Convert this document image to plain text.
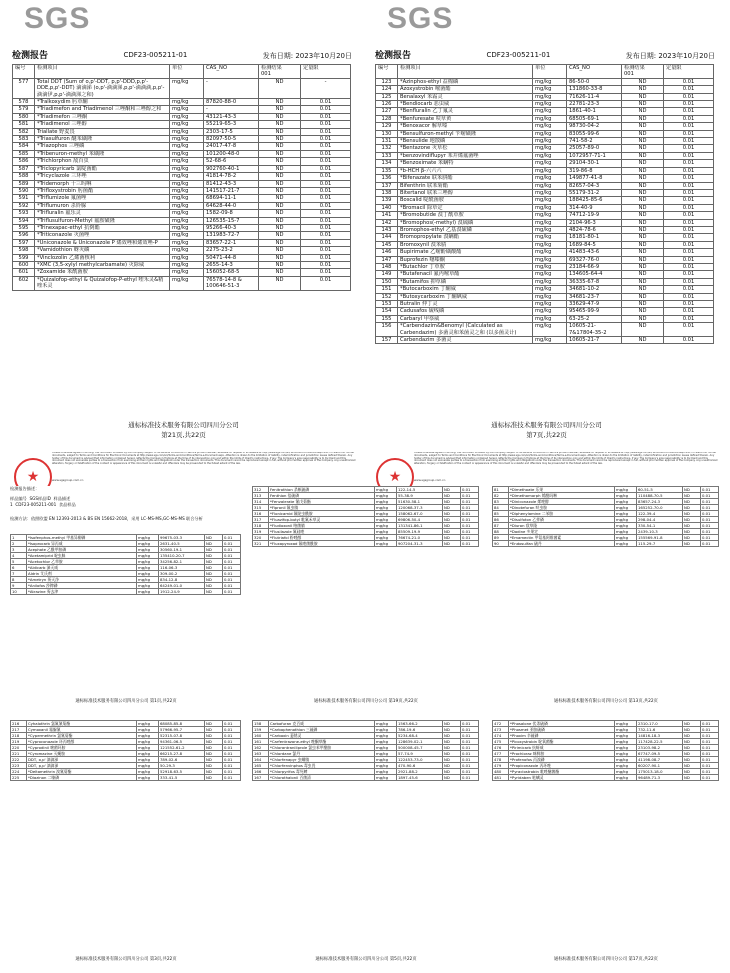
SGS
检测报告	CDF23-005211-01	发布日期: 2023年10月20日
编号	检测项目	单位	CAS_NO	检测结果
001	定量限
577	Total DDT (Sum of o,p'-DDT, p,p'-DDD,p,p'-DDE,p,p'-DDT) 滴滴涕 (o,p'-滴滴涕,p,p'-滴滴滴,p,p'-滴滴伊,p,p'-滴滴涕之和)	mg/kg	-	ND	-
578	*Tralkoxydim 肟草酮	mg/kg	87820-88-0	ND	0.01
579	*Triadimefon and Triadimenol 三唑酮和三唑醇之和	mg/kg	-	ND	0.01
580	*Triadimefon 三唑酮	mg/kg	43121-43-3	ND	0.01
581	*Triadimenol 三唑醇	mg/kg	55219-65-3	ND	0.01
582	Triallate 野麦畏	mg/kg	2303-17-5	ND	0.01
583	*Triasulfuron 醚苯磺隆	mg/kg	82097-50-5	ND	0.01
584	*Triazophos 三唑磷	mg/kg	24017-47-8	ND	0.01
585	*Tribenuron-methyl 苯磺隆	mg/kg	101200-48-0	ND	0.01
586	*Trichlorphon 敌百虫	mg/kg	52-68-6	ND	0.01
587	*Triclopyricarb 氯啶菌酯	mg/kg	902760-40-1	ND	0.01
588	*Tricyclazole 三环唑	mg/kg	41814-78-2	ND	0.01
589	*Tridemorph 十三吗啉	mg/kg	81412-43-3	ND	0.01
590	*Trifloxystrobin 肟菌酯	mg/kg	141517-21-7	ND	0.01
591	*Triflumizole 氟菌唑	mg/kg	68694-11-1	ND	0.01
592	*Triflumuron 杀铃脲	mg/kg	64628-44-0	ND	0.01
593	*Trifluralin 氟乐灵	mg/kg	1582-09-8	ND	0.01
594	*Triflusulfuron-Methyl 氟胺磺隆	mg/kg	126535-15-7	ND	0.01
595	*Trinexapac-ethyl 抗倒酯	mg/kg	95266-40-3	ND	0.01
596	*Triticonazole 灭菌唑	mg/kg	131983-72-7	ND	0.01
597	*Uniconazole & Uniconazole P 烯效唑和烯效唑-P	mg/kg	83657-22-1	ND	0.01
598	*Vamidothion 蚜灭磷	mg/kg	2275-23-2	ND	0.01
599	*Vinclozolin 乙烯菌核利	mg/kg	50471-44-8	ND	0.01
600	*XMC (3,5-xylyl methylcarbamate) 灭除威	mg/kg	2655-14-3	ND	0.01
601	*Zoxamide 苯酰菌胺	mg/kg	156052-68-5	ND	0.01
602	*Quizalofop-ethyl & Quizalofop-P-ethyl 喹禾灵&精喹禾灵	mg/kg	76578-14-8 & 100646-51-3	ND	0.01
通标标准技术服务有限公司四川分公司
第21页,共22页
SGS
检测报告	CDF23-005211-01	发布日期: 2023年10月20日
编号	检测项目	单位	CAS_NO	检测结果
001	定量限
123	*Azinphos-ethyl 益棉磷	mg/kg	86-50-0	ND	0.01
124	Azoxystrobin 嘧菌酯	mg/kg	131860-33-8	ND	0.01
125	Benalaxyl 苯霜灵	mg/kg	71626-11-4	ND	0.01
126	*Bendiocarb 恶虫威	mg/kg	22781-23-3	ND	0.01
127	*Benfluralin 乙丁氟灵	mg/kg	1861-40-1	ND	0.01
128	*Benfuresate 呋草黄	mg/kg	68505-69-1	ND	0.01
129	*Benoxacor 解草嗪	mg/kg	98730-04-2	ND	0.01
130	*Bensulfuron-methyl 苄嘧磺隆	mg/kg	83055-99-6	ND	0.01
131	*Bensulide 地散磷	mg/kg	741-58-2	ND	0.01
132	*Bentazone 灭草松	mg/kg	25057-89-0	ND	0.01
133	*benzovindiflupyr 苯并烯氟菌唑	mg/kg	1072957-71-1	ND	0.01
134	*Benzoximate 苯螨特	mg/kg	29104-30-1	ND	0.01
135	*b-HCH β-六六六	mg/kg	319-86-8	ND	0.01
136	*Bifenazate 联苯肼酯	mg/kg	149877-41-8	ND	0.01
137	Bifenthrin 联苯菊酯	mg/kg	82657-04-3	ND	0.01
138	Bitertanol 联苯三唑醇	mg/kg	55179-31-2	ND	0.01
139	Boscalid 啶酰菌胺	mg/kg	188425-85-6	ND	0.01
140	*Bromacil 除草定	mg/kg	314-40-9	ND	0.01
141	*Bromobutide 溴丁酰草胺	mg/kg	74712-19-9	ND	0.01
142	*Bromophos(-methyl) 溴硫磷	mg/kg	2104-96-3	ND	0.01
143	Bromophos-ethyl 乙基溴硫磷	mg/kg	4824-78-6	ND	0.01
144	Bromopropylate 溴螨酯	mg/kg	18181-80-1	ND	0.01
145	Bromoxynil 溴苯腈	mg/kg	1689-84-5	ND	0.01
146	Bupirimate 乙嘧酚磺酸酯	mg/kg	41483-43-6	ND	0.01
147	Buprofezin 噻嗪酮	mg/kg	69327-76-0	ND	0.01
148	*Butachlor 丁草胺	mg/kg	23184-66-9	ND	0.01
149	*Butafenacil 氟丙嘧草酯	mg/kg	134605-64-4	ND	0.01
150	*Butamifos 抑草磷	mg/kg	36335-67-8	ND	0.01
151	*Butocarboxim 丁酮威	mg/kg	34681-10-2	ND	0.01
152	*Butoxycarboxim 丁酮砜威	mg/kg	34681-23-7	ND	0.01
153	Butralin 仲丁灵	mg/kg	33629-47-9	ND	0.01
154	Cadusafos 硫线磷	mg/kg	95465-99-9	ND	0.01
155	Carbaryl 甲萘威	mg/kg	63-25-2	ND	0.01
156	*Carbendazim&Benomyl (Calculated as Carbendazim) 多菌灵和苯菌灵之和 (以多菌灵计)	mg/kg	10605-21-7&17804-35-2	ND	0.01
157	Carbendazim 多菌灵	mg/kg	10605-21-7	ND	0.01
通标标准技术服务有限公司四川分公司
第7页,共22页
★
Unless otherwise agreed in writing, this document is issued by the Company subject to its General Conditions of Service printed overleaf, available on request or accessible at http://www.sgs.com/en/Terms-and-Conditions.aspx and, for electronic format documents, subject to Terms and Conditions for Electronic Documents at http://www.sgs.com/en/Terms-and-Conditions/Terms-e-Document.aspx. Attention is drawn to the limitation of liability, indemnification and jurisdiction issues defined therein. Any holder of this document is advised that information contained hereon reflects the Company's findings at the time of its intervention only and within the limits of Client's instructions, if any. The Company's sole responsibility is to its Client and this document does not exonerate parties to a transaction from exercising all their rights and obligations under the transaction documents. This document cannot be reproduced except in full, without prior written approval of the Company. Any unauthorized alteration, forgery or falsification of the content or appearance of this document is unlawful and offenders may be prosecuted to the fullest extent of the law.
www.sgsgroup.com.cn	★
Unless otherwise agreed in writing, this document is issued by the Company subject to its General Conditions of Service printed overleaf, available on request or accessible at http://www.sgs.com/en/Terms-and-Conditions.aspx and, for electronic format documents, subject to Terms and Conditions for Electronic Documents at http://www.sgs.com/en/Terms-and-Conditions/Terms-e-Document.aspx. Attention is drawn to the limitation of liability, indemnification and jurisdiction issues defined therein. Any holder of this document is advised that information contained hereon reflects the Company's findings at the time of its intervention only and within the limits of Client's instructions, if any. The Company's sole responsibility is to its Client and this document does not exonerate parties to a transaction from exercising all their rights and obligations under the transaction documents. This document cannot be reproduced except in full, without prior written approval of the Company. Any unauthorized alteration, forgery or falsification of the content or appearance of this document is unlawful and offenders may be prosecuted to the fullest extent of the law.
www.sgsgroup.com.cn
检测报告描述：
样品编号 SGS样品ID 样品描述
1 CDF23-005211-001 食品样品
检测方法：依照欧盟 EN 12393-2013 & BS EN 15662-2018，采用 LC-MS-MS,GC-MS-MS 联合分析
1	*Isofenphos-methyl 甲基异柳磷	mg/kg	99675-03-3	ND	0.01
2	*Isoprocarb 异丙威	mg/kg	2631-40-5	ND	0.01
3	Acephate 乙酰甲胺磷	mg/kg	30560-19-1	ND	0.01
4	*Acetamiprid 啶虫脒	mg/kg	135410-20-7	ND	0.01
5	*Acetochlor 乙草胺	mg/kg	34256-82-1	ND	0.01
6	*Aldicarb 涕灭威	mg/kg	116-06-3	ND	0.01
7	Aldrin 艾氏剂	mg/kg	309-00-2	ND	0.01
8	*Ametryn 莠灭净	mg/kg	834-12-8	ND	0.01
9	*Anilofos 莎稗磷	mg/kg	64249-01-0	ND	0.01
10	*Atrazine 莠去津	mg/kg	1912-24-9	ND	0.01
通标标准技术服务有限公司四川分公司 第1页,共22页
312	Fenitrothion 杀螟硫磷	mg/kg	122-14-5	ND	0.01
313	Fenthion 倍硫磷	mg/kg	55-38-9	ND	0.01
314	*Fenvalerate 氰戊菊酯	mg/kg	51630-58-1	ND	0.01
315	*Fipronil 氟虫腈	mg/kg	120068-37-3	ND	0.01
316	*Flonicamid 氟啶虫酰胺	mg/kg	158062-67-0	ND	0.01
317	*Fluazifop-butyl 吡氟禾草灵	mg/kg	69806-50-4	ND	0.01
318	*Fludioxonil 咯菌腈	mg/kg	131341-86-1	ND	0.01
319	*Flusilazole 氟硅唑	mg/kg	85509-19-9	ND	0.01
320	*Flutriafol 粉唑醇	mg/kg	76674-21-0	ND	0.01
321	*Fluxapyroxad 氟唑菌酰胺	mg/kg	907204-31-3	ND	0.01
通标标准技术服务有限公司四川分公司 第19页,共22页
81	*Dimethoate 乐果	mg/kg	60-51-5	ND	0.01
82	*Dimethomorph 烯酰吗啉	mg/kg	110488-70-5	ND	0.01
83	*Diniconazole 烯唑醇	mg/kg	83657-24-3	ND	0.01
84	*Dinotefuran 呋虫胺	mg/kg	165252-70-0	ND	0.01
85	*Diphenylamine 二苯胺	mg/kg	122-39-4	ND	0.01
86	*Disulfoton 乙拌磷	mg/kg	298-04-4	ND	0.01
87	*Diuron 敌草隆	mg/kg	330-54-1	ND	0.01
88	*Dodine 多果定	mg/kg	2439-10-3	ND	0.01
89	*Emamectin 甲氨基阿维菌素	mg/kg	155569-91-8	ND	0.01
90	*Endosulfan 硫丹	mg/kg	115-29-7	ND	0.01
通标标准技术服务有限公司四川分公司 第13页,共22页
216	Cyhalothrin 氯氟氰菊酯	mg/kg	68085-85-8	ND	0.01
217	Cymoxanil 霜脲氰	mg/kg	57966-95-7	ND	0.01
218	*Cypermethrin 氯氰菊酯	mg/kg	52315-07-8	ND	0.01
219	*Cyproconazole 环丙唑醇	mg/kg	94361-06-5	ND	0.01
220	*Cyprodinil 嘧菌环胺	mg/kg	121552-61-2	ND	0.01
221	*Cyromazine 灭蝇胺	mg/kg	66215-27-8	ND	0.01
222	DDT, o,p' 滴滴涕	mg/kg	789-02-6	ND	0.01
223	DDT, p,p' 滴滴涕	mg/kg	50-29-3	ND	0.01
224	*Deltamethrin 溴氰菊酯	mg/kg	52918-63-5	ND	0.01
225	*Diazinon 二嗪磷	mg/kg	333-41-5	ND	0.01
通标标准技术服务有限公司四川分公司 第3页,共22页
158	Carbofuran 克百威	mg/kg	1563-66-2	ND	0.01
159	*Carbophenothion 三硫磷	mg/kg	786-19-6	ND	0.01
160	*Carboxin 萎锈灵	mg/kg	5234-68-4	ND	0.01
161	*Carfentrazone-ethyl 唑酮草酯	mg/kg	128639-02-1	ND	0.01
162	*Chlorantraniliprole 氯虫苯甲酰胺	mg/kg	500008-45-7	ND	0.01
163	*Chlordane 氯丹	mg/kg	57-74-9	ND	0.01
164	*Chlorfenapyr 虫螨腈	mg/kg	122453-73-0	ND	0.01
165	*Chlorfenvinphos 毒虫畏	mg/kg	470-90-6	ND	0.01
166	*Chlorpyrifos 毒死蜱	mg/kg	2921-88-2	ND	0.01
167	*Chlorothalonil 百菌清	mg/kg	1897-45-6	ND	0.01
通标标准技术服务有限公司四川分公司 第5页,共22页
472	*Phosalone 伏杀硫磷	mg/kg	2310-17-0	ND	0.01
473	*Phosmet 亚胺硫磷	mg/kg	732-11-6	ND	0.01
474	*Phoxim 辛硫磷	mg/kg	14816-18-3	ND	0.01
475	*Picoxystrobin 啶氧菌酯	mg/kg	117428-22-5	ND	0.01
476	*Pirimicarb 抗蚜威	mg/kg	23103-98-2	ND	0.01
477	*Prochloraz 咪鲜胺	mg/kg	67747-09-5	ND	0.01
478	*Profenofos 丙溴磷	mg/kg	41198-08-7	ND	0.01
479	*Propiconazole 丙环唑	mg/kg	60207-90-1	ND	0.01
480	*Pyraclostrobin 吡唑醚菌酯	mg/kg	175013-18-0	ND	0.01
481	*Pyridaben 哒螨灵	mg/kg	96489-71-3	ND	0.01
通标标准技术服务有限公司四川分公司 第17页,共22页
